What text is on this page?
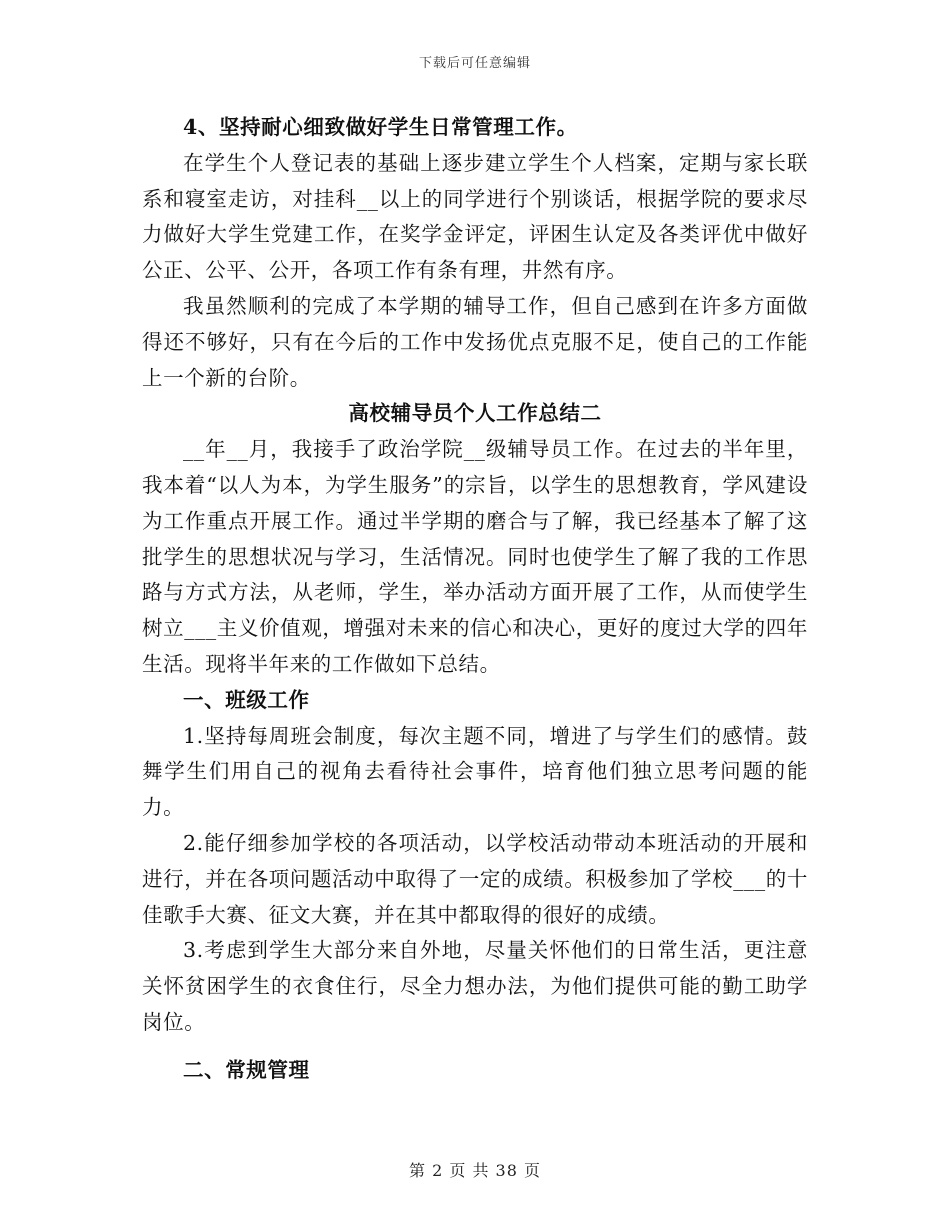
下载后可任意编辑

4、坚持耐心细致做好学生日常管理工作。

在学生个人登记表的基础上逐步建立学生个人档案，定期与家长联系和寝室走访，对挂科__以上的同学进行个别谈话，根据学院的要求尽力做好大学生党建工作，在奖学金评定，评困生认定及各类评优中做好公正、公平、公开，各项工作有条有理，井然有序。

我虽然顺利的完成了本学期的辅导工作，但自己感到在许多方面做得还不够好，只有在今后的工作中发扬优点克服不足，使自己的工作能上一个新的台阶。

高校辅导员个人工作总结二

__年__月，我接手了政治学院__级辅导员工作。在过去的半年里，我本着“以人为本，为学生服务”的宗旨，以学生的思想教育，学风建设为工作重点开展工作。通过半学期的磨合与了解，我已经基本了解了这批学生的思想状况与学习，生活情况。同时也使学生了解了我的工作思路与方式方法，从老师，学生，举办活动方面开展了工作，从而使学生树立___主义价值观，增强对未来的信心和决心，更好的度过大学的四年生活。现将半年来的工作做如下总结。

一、班级工作

1.坚持每周班会制度，每次主题不同，增进了与学生们的感情。鼓舞学生们用自己的视角去看待社会事件，培育他们独立思考问题的能力。

2.能仔细参加学校的各项活动，以学校活动带动本班活动的开展和进行，并在各项问题活动中取得了一定的成绩。积极参加了学校___的十佳歌手大赛、征文大赛，并在其中都取得的很好的成绩。

3.考虑到学生大部分来自外地，尽量关怀他们的日常生活，更注意关怀贫困学生的衣食住行，尽全力想办法，为他们提供可能的勤工助学岗位。

二、常规管理

第 2 页 共 38 页
